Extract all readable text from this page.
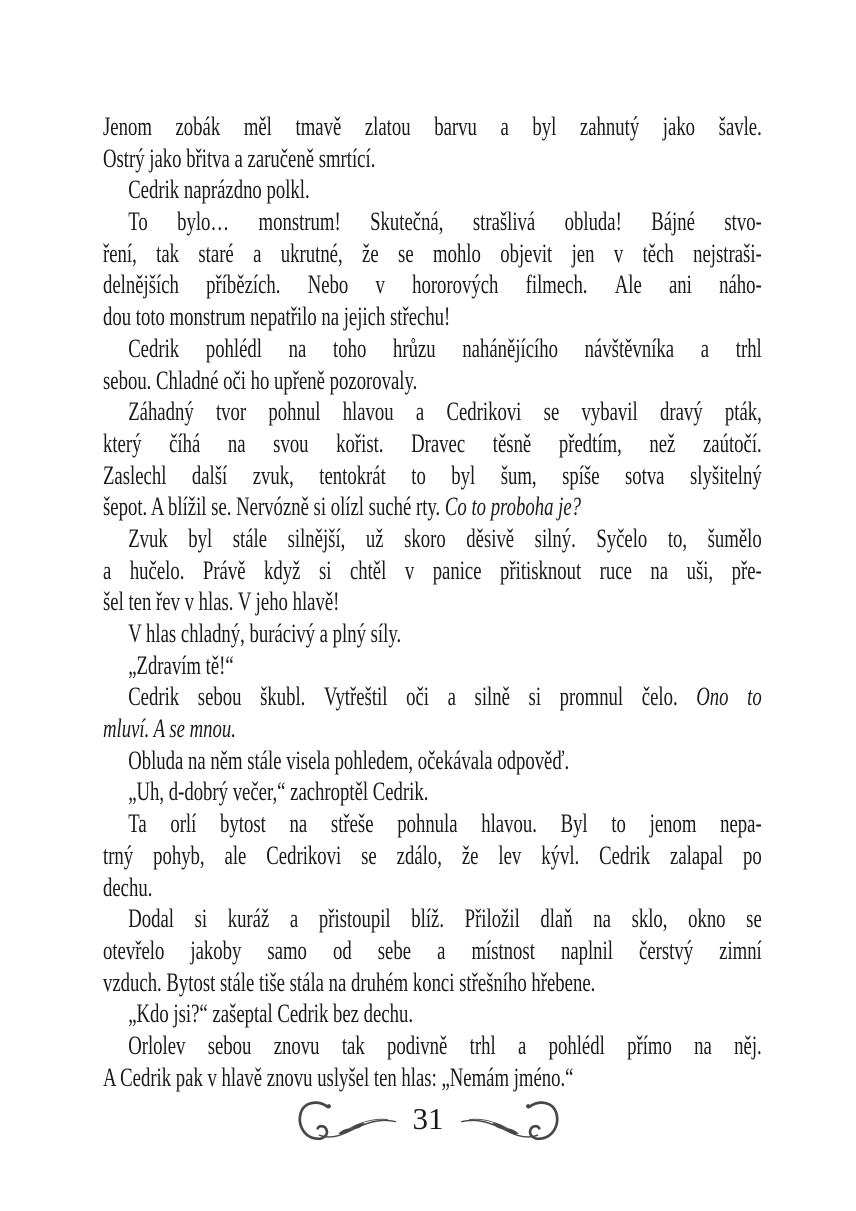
Jenom zobák měl tmavě zlatou barvu a byl zahnutý jako šavle.
Ostrý jako břitva a zaručeně smrtící.
Cedrik naprázdno polkl.
To bylo… monstrum! Skutečná, strašlivá obluda! Bájné stvo-
ření, tak staré a ukrutné, že se mohlo objevit jen v těch nejstraši-
delnějších příbězích. Nebo v hororových filmech. Ale ani náho-
dou toto monstrum nepatřilo na jejich střechu!
Cedrik pohlédl na toho hrůzu nahánějícího návštěvníka a trhl
sebou. Chladné oči ho upřeně pozorovaly.
Záhadný tvor pohnul hlavou a Cedrikovi se vybavil dravý pták,
který číhá na svou kořist. Dravec těsně předtím, než zaútočí.
Zaslechl další zvuk, tentokrát to byl šum, spíše sotva slyšitelný
šepot. A blížil se. Nervózně si olízl suché rty. Co to proboha je?
Zvuk byl stále silnější, už skoro děsivě silný. Syčelo to, šumělo
a hučelo. Právě když si chtěl v panice přitisknout ruce na uši, pře-
šel ten řev v hlas. V jeho hlavě!
V hlas chladný, burácivý a plný síly.
„Zdravím tě!“
Cedrik sebou škubl. Vytřeštil oči a silně si promnul čelo. Ono to
mluví. A se mnou.
Obluda na něm stále visela pohledem, očekávala odpověď.
„Uh, d-dobrý večer,“ zachroptěl Cedrik.
Ta orlí bytost na střeše pohnula hlavou. Byl to jenom nepa-
trný pohyb, ale Cedrikovi se zdálo, že lev kývl. Cedrik zalapal po
dechu.
Dodal si kuráž a přistoupil blíž. Přiložil dlaň na sklo, okno se
otevřelo jakoby samo od sebe a místnost naplnil čerstvý zimní
vzduch. Bytost stále tiše stála na druhém konci střešního hřebene.
„Kdo jsi?“ zašeptal Cedrik bez dechu.
Orlolev sebou znovu tak podivně trhl a pohlédl přímo na něj.
A Cedrik pak v hlavě znovu uslyšel ten hlas: „Nemám jméno.“
31
